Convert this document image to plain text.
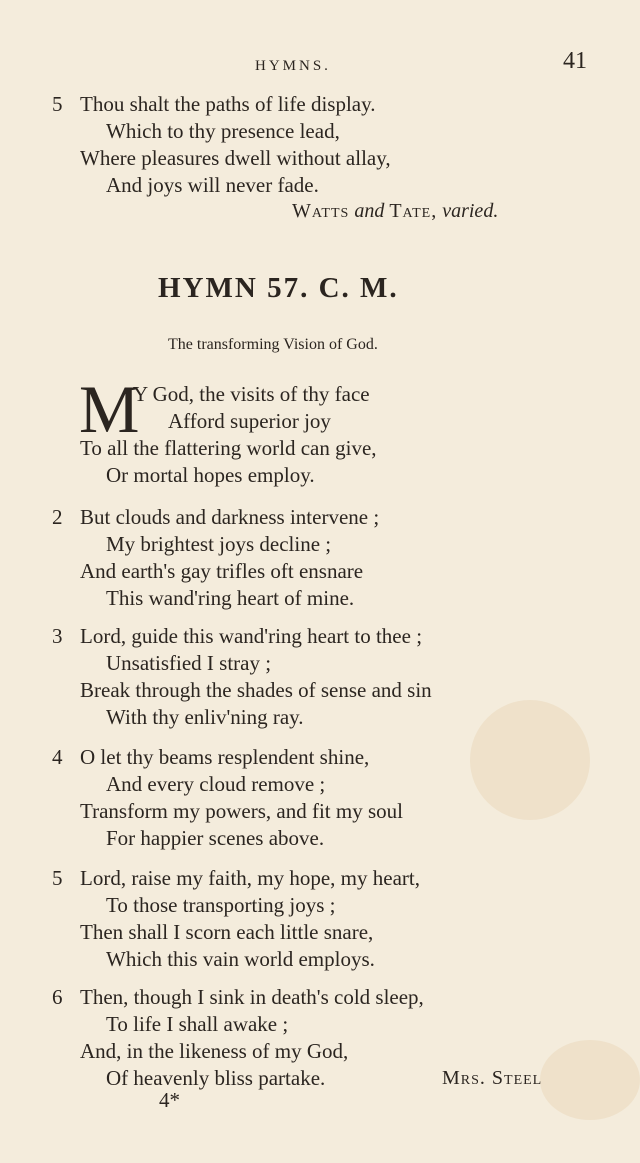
HYMNS.	41
5 Thou shalt the paths of life display.
Which to thy presence lead,
Where pleasures dwell without allay,
And joys will never fade.
Watts and Tate, varied.
HYMN 57. C. M.
The transforming Vision of God.
M
Y God, the visits of thy face
Afford superior joy
To all the flattering world can give,
Or mortal hopes employ.
2 But clouds and darkness intervene ;
My brightest joys decline ;
And earth's gay trifles oft ensnare
This wand'ring heart of mine.
3 Lord, guide this wand'ring heart to thee ;
Unsatisfied I stray ;
Break through the shades of sense and sin
With thy enliv'ning ray.
4 O let thy beams resplendent shine,
And every cloud remove ;
Transform my powers, and fit my soul
For happier scenes above.
5 Lord, raise my faith, my hope, my heart,
To those transporting joys ;
Then shall I scorn each little snare,
Which this vain world employs.
6 Then, though I sink in death's cold sleep,
To life I shall awake ;
And, in the likeness of my God,
Of heavenly bliss partake.	Mrs. Steel
4*
